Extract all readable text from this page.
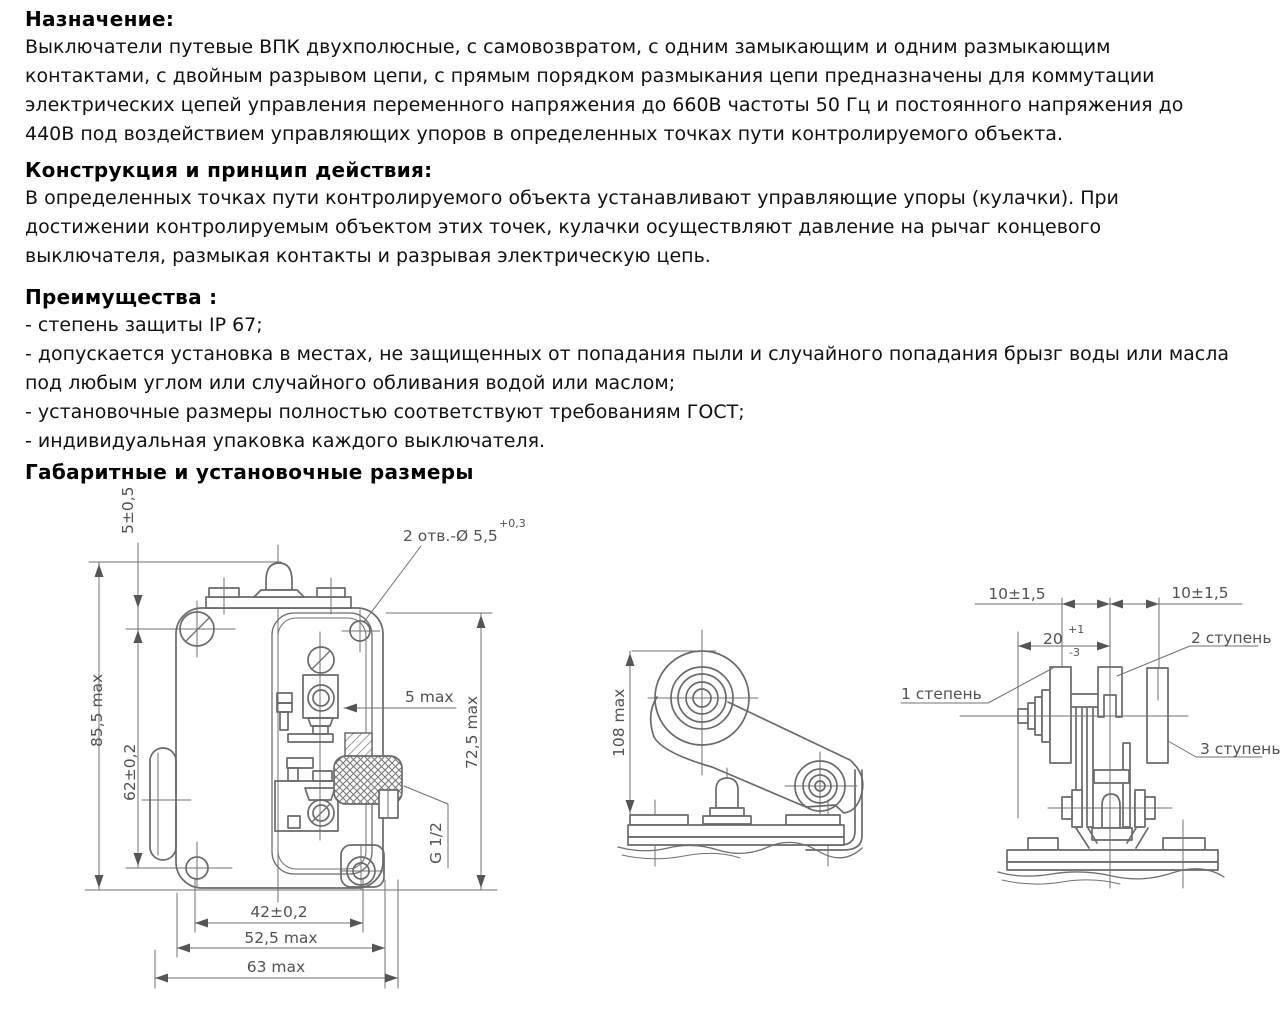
Назначение:
Выключатели путевые ВПК двухполюсные, с самовозвратом, с одним замыкающим и одним размыкающим
контактами, с двойным разрывом цепи, с прямым порядком размыкания цепи предназначены для коммутации
электрических цепей управления переменного напряжения до 660В частоты 50 Гц и постоянного напряжения до
440В под воздействием управляющих упоров в определенных точках пути контролируемого объекта.
Конструкция и принцип действия:
В определенных точках пути контролируемого объекта устанавливают управляющие упоры (кулачки). При
достижении контролируемым объектом этих точек, кулачки осуществляют давление на рычаг концевого
выключателя, размыкая контакты и разрывая электрическую цепь.
Преимущества :
- степень защиты IP 67;
- допускается установка в местах, не защищенных от попадания пыли и случайного попадания брызг воды или масла
под любым углом или случайного обливания водой или маслом;
- установочные размеры полностью соответствуют требованиям ГОСТ;
- индивидуальная упаковка каждого выключателя.
Габаритные и установочные размеры
5±0,5
85,5 max
62±0,2
2 отв.-Ø 5,5
+0,3
5 max 72,5 max
G 1/2
42±0,2
52,5 max
63 max
108 max
10±1,5	10±1,5
20
+1
-3
1 степень
2 ступень
3 ступень
